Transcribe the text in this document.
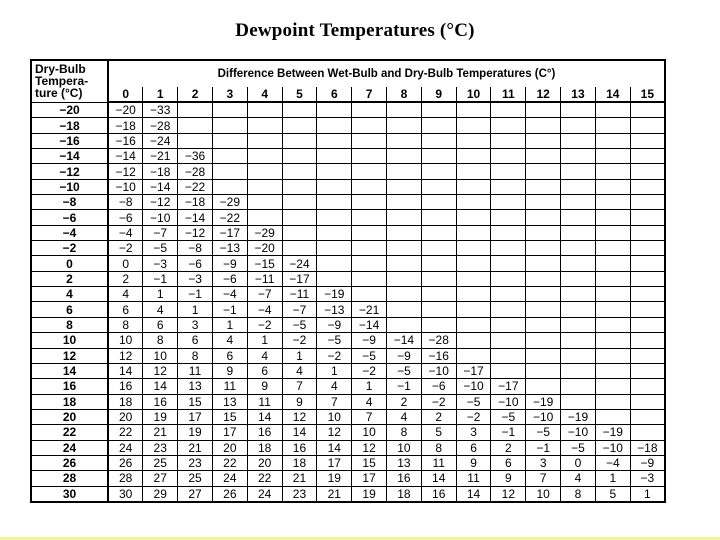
Dewpoint Temperatures (°C)
Dry-Bulb Tempera- ture (°C)	Difference Between Wet-Bulb and Dry-Bulb Temperatures (C°)															
	0	1	2	3	4	5	6	7	8	9	10	11	12	13	14	15
−20	−20	−33														
−18	−18	−28														
−16	−16	−24														
−14	−14	−21	−36													
−12	−12	−18	−28													
−10	−10	−14	−22													
−8	−8	−12	−18	−29												
−6	−6	−10	−14	−22												
−4	−4	−7	−12	−17	−29											
−2	−2	−5	−8	−13	−20											
0	0	−3	−6	−9	−15	−24										
2	2	−1	−3	−6	−11	−17										
4	4	1	−1	−4	−7	−11	−19									
6	6	4	1	−1	−4	−7	−13	−21								
8	8	6	3	1	−2	−5	−9	−14								
10	10	8	6	4	1	−2	−5	−9	−14	−28						
12	12	10	8	6	4	1	−2	−5	−9	−16						
14	14	12	11	9	6	4	1	−2	−5	−10	−17					
16	16	14	13	11	9	7	4	1	−1	−6	−10	−17				
18	18	16	15	13	11	9	7	4	2	−2	−5	−10	−19			
20	20	19	17	15	14	12	10	7	4	2	−2	−5	−10	−19		
22	22	21	19	17	16	14	12	10	8	5	3	−1	−5	−10	−19	
24	24	23	21	20	18	16	14	12	10	8	6	2	−1	−5	−10	−18
26	26	25	23	22	20	18	17	15	13	11	9	6	3	0	−4	−9
28	28	27	25	24	22	21	19	17	16	14	11	9	7	4	1	−3
30	30	29	27	26	24	23	21	19	18	16	14	12	10	8	5	1
